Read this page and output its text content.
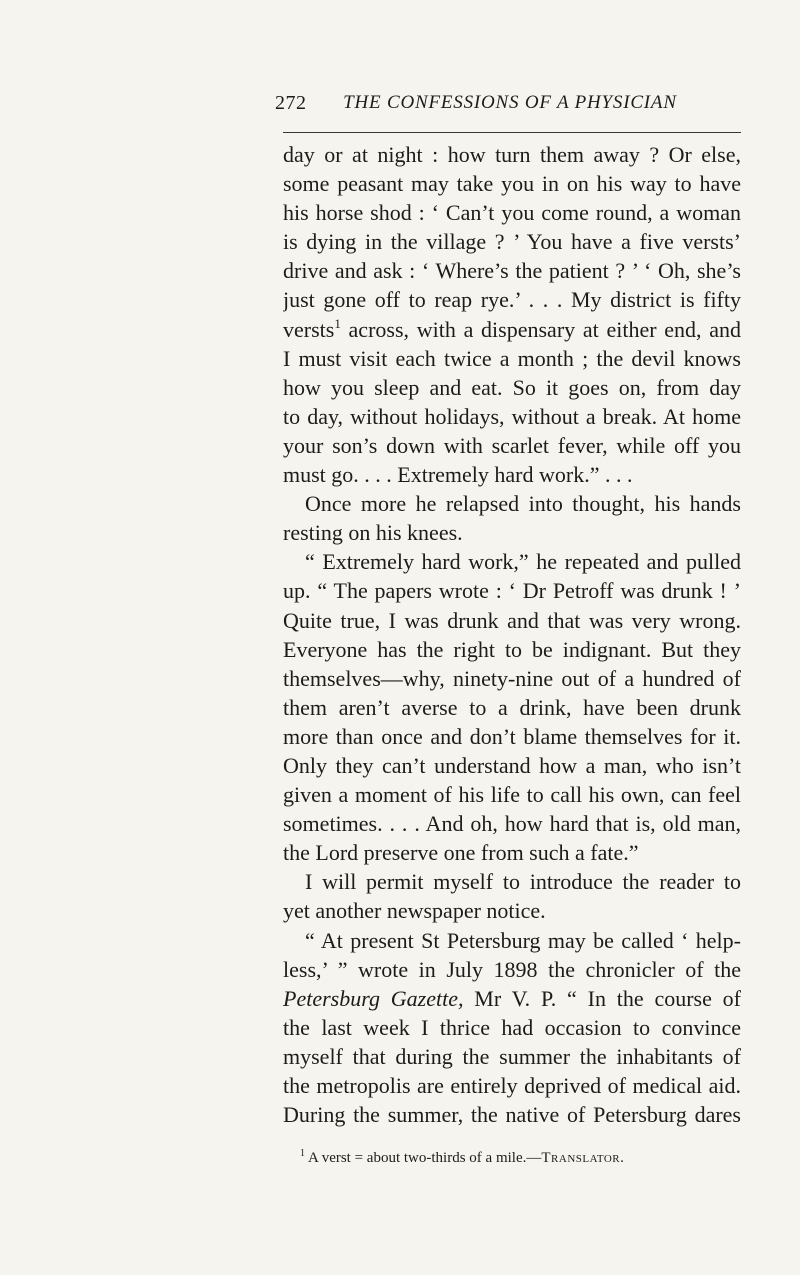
272	THE CONFESSIONS OF A PHYSICIAN
day or at night : how turn them away ? Or else,
some peasant may take you in on his way to have
his horse shod : ‘ Can’t you come round, a woman
is dying in the village ? ’ You have a five versts’
drive and ask : ‘ Where’s the patient ? ’ ‘ Oh, she’s
just gone off to reap rye.’ . . . My district is fifty
versts$^1$ across, with a dispensary at either end, and
I must visit each twice a month ; the devil knows
how you sleep and eat. So it goes on, from day
to day, without holidays, without a break. At home
your son’s down with scarlet fever, while off you
must go. . . . Extremely hard work.” . . .
Once more he relapsed into thought, his hands
resting on his knees.
“ Extremely hard work,” he repeated and pulled
up. “ The papers wrote : ‘ Dr Petroff was drunk ! ’
Quite true, I was drunk and that was very wrong.
Everyone has the right to be indignant. But they
themselves—why, ninety-nine out of a hundred of
them aren’t averse to a drink, have been drunk
more than once and don’t blame themselves for it.
Only they can’t understand how a man, who isn’t
given a moment of his life to call his own, can feel
sometimes. . . . And oh, how hard that is, old man,
the Lord preserve one from such a fate.”
I will permit myself to introduce the reader to
yet another newspaper notice.
“ At present St Petersburg may be called ‘ help-
less,’ ” wrote in July 1898 the chronicler of the
Petersburg Gazette, Mr V. P. “ In the course of
the last week I thrice had occasion to convince
myself that during the summer the inhabitants of
the metropolis are entirely deprived of medical aid.
During the summer, the native of Petersburg dares
$^1$ A verst = about two-thirds of a mile.—Translator.
